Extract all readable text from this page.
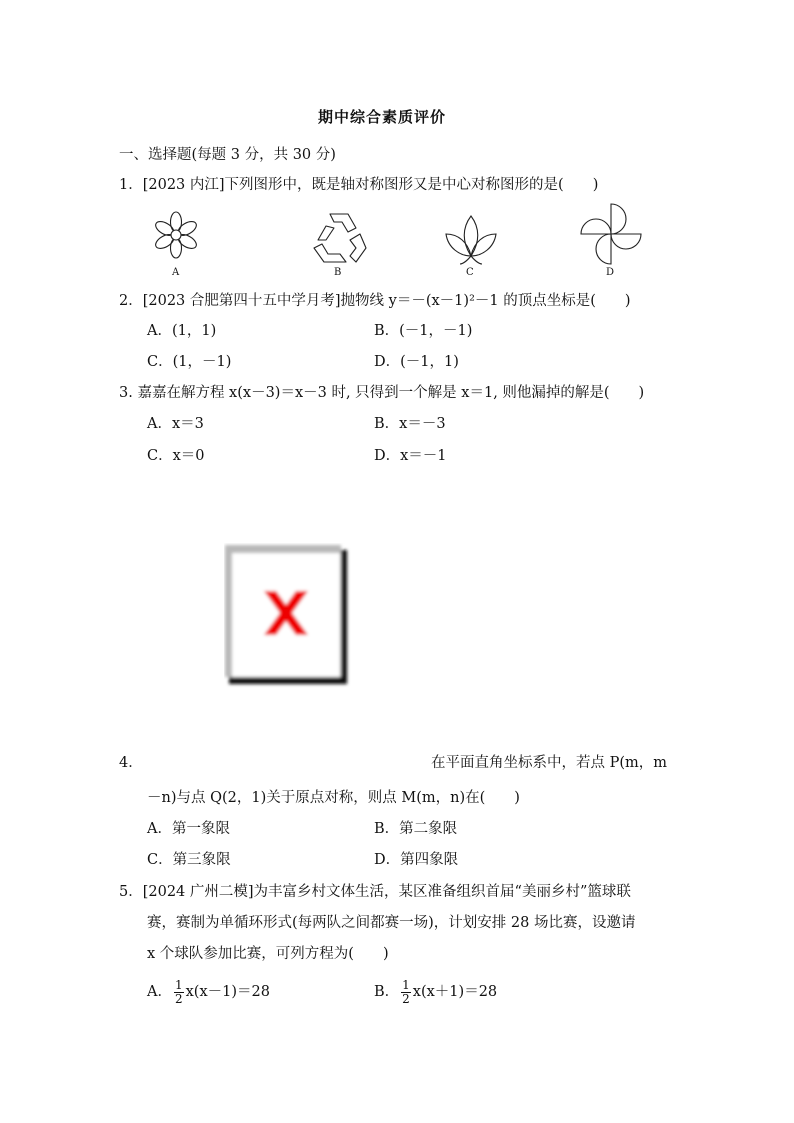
期中综合素质评价
一、选择题(每题 3 分，共 30 分)
1．[2023 内江]下列图形中，既是轴对称图形又是中心对称图形的是(　　)
A	B	C	D
2．[2023 合肥第四十五中学月考]抛物线 y＝－(x－1)²－1 的顶点坐标是(　　)
A．(1，1)	B．(－1，－1)
C．(1，－1)	D．(－1，1)
3. 嘉嘉在解方程 x(x－3)＝x－3 时, 只得到一个解是 x＝1, 则他漏掉的解是(　　)
A．x＝3	B．x＝－3
C．x＝0	D．x＝－1
4．	在平面直角坐标系中，若点 P(m，m
－n)与点 Q(2，1)关于原点对称，则点 M(m，n)在(　　)
A．第一象限	B．第二象限
C．第三象限	D．第四象限
5．[2024 广州二模]为丰富乡村文体生活，某区准备组织首届“美丽乡村”篮球联
赛，赛制为单循环形式(每两队之间都赛一场)，计划安排 28 场比赛，设邀请
x 个球队参加比赛，可列方程为(　　)
A． $\frac{1}{2} x(x-1)=28$	B． $\frac{1}{2} x(x+1)=28$
